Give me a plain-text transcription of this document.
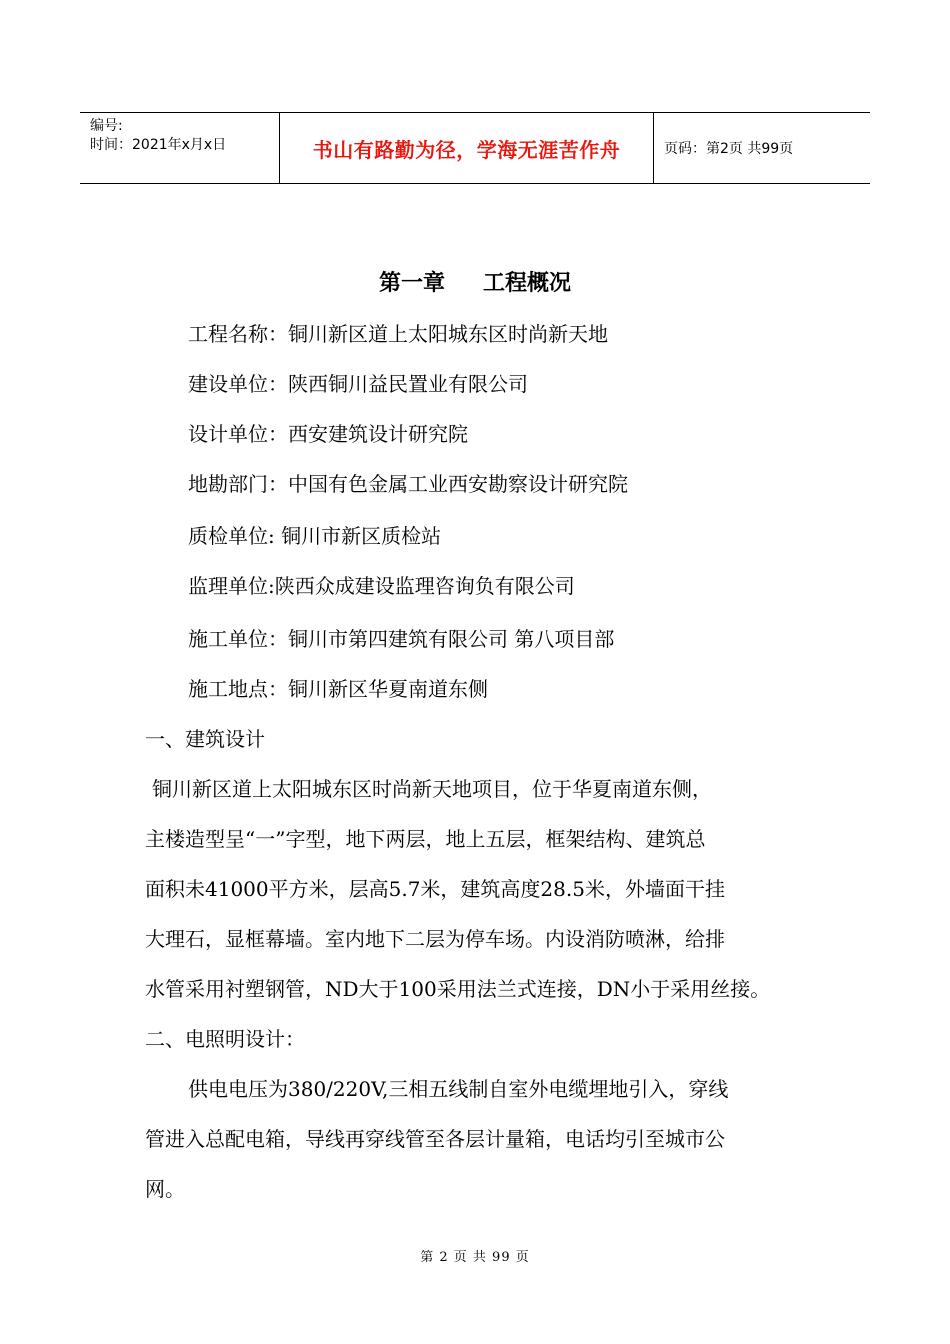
编号:
时间：2021年x月x日	书山有路勤为径，学海无涯苦作舟	页码：第2页 共99页
第一章 工程概况
工程名称：铜川新区道上太阳城东区时尚新天地
建设单位：陕西铜川益民置业有限公司
设计单位：西安建筑设计研究院
地勘部门：中国有色金属工业西安勘察设计研究院
质检单位: 铜川市新区质检站
监理单位:陕西众成建设监理咨询负有限公司
施工单位：铜川市第四建筑有限公司 第八项目部
施工地点：铜川新区华夏南道东侧
一、建筑设计
铜川新区道上太阳城东区时尚新天地项目，位于华夏南道东侧，
主楼造型呈“一”字型，地下两层，地上五层，框架结构、建筑总
面积未41000平方米，层高5.7米，建筑高度28.5米，外墙面干挂
大理石，显框幕墙。室内地下二层为停车场。内设消防喷淋，给排
水管采用衬塑钢管，ND大于100采用法兰式连接，DN小于采用丝接。
二、电照明设计：
供电电压为380/220V,三相五线制自室外电缆埋地引入，穿线
管进入总配电箱，导线再穿线管至各层计量箱，电话均引至城市公
网。
第 2 页 共 99 页
